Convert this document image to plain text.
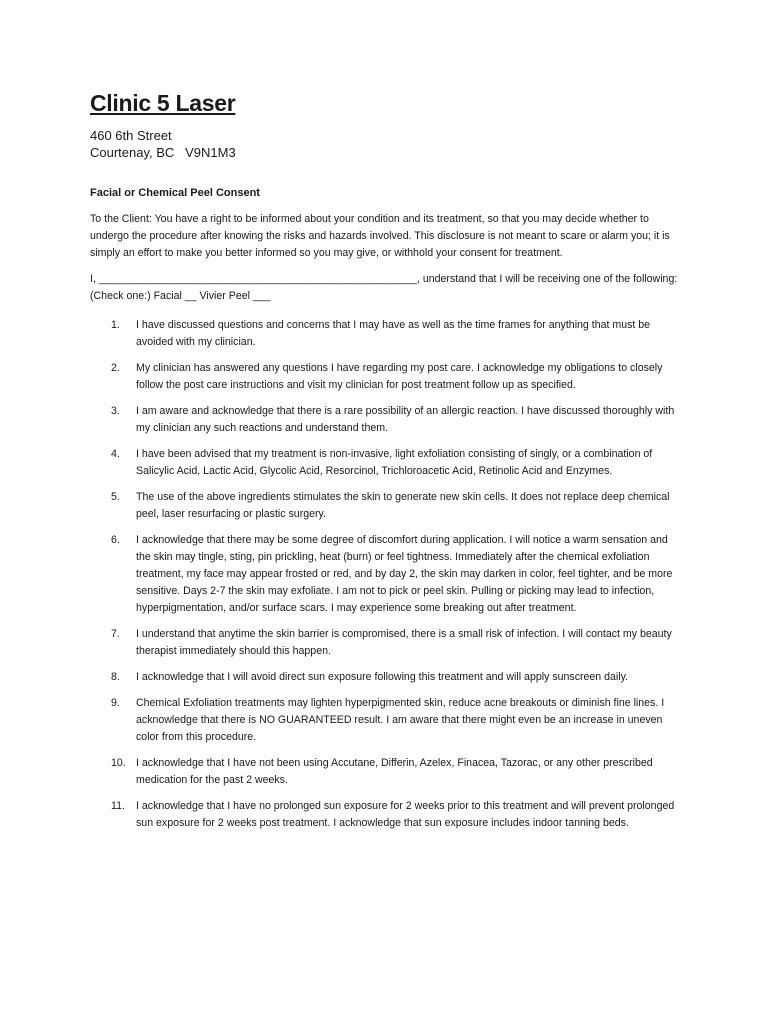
Clinic 5 Laser
460 6th Street
Courtenay, BC   V9N1M3
Facial or Chemical Peel Consent

To the Client: You have a right to be informed about your condition and its treatment, so that you may decide whether to undergo the procedure after knowing the risks and hazards involved. This disclosure is not meant to scare or alarm you; it is simply an effort to make you better informed so you may give, or withhold your consent for treatment.

I, ______________________________________________________, understand that I will be receiving one of the following: (Check one:) Facial __ Vivier Peel ___

1.	I have discussed questions and concerns that I may have as well as the time frames for anything that must be avoided with my clinician.
2.	My clinician has answered any questions I have regarding my post care. I acknowledge my obligations to closely follow the post care instructions and visit my clinician for post treatment follow up as specified.
3.	I am aware and acknowledge that there is a rare possibility of an allergic reaction. I have discussed thoroughly with my clinician any such reactions and understand them.
4.	I have been advised that my treatment is non-invasive, light exfoliation consisting of singly, or a combination of Salicylic Acid, Lactic Acid, Glycolic Acid, Resorcinol, Trichloroacetic Acid, Retinolic Acid and Enzymes.
5.	The use of the above ingredients stimulates the skin to generate new skin cells. It does not replace deep chemical peel, laser resurfacing or plastic surgery.
6.	I acknowledge that there may be some degree of discomfort during application. I will notice a warm sensation and the skin may tingle, sting, pin prickling, heat (burn) or feel tightness. Immediately after the chemical exfoliation treatment, my face may appear frosted or red, and by day 2, the skin may darken in color, feel tighter, and be more sensitive. Days 2-7 the skin may exfoliate. I am not to pick or peel skin. Pulling or picking may lead to infection, hyperpigmentation, and/or surface scars. I may experience some breaking out after treatment.
7.	I understand that anytime the skin barrier is compromised, there is a small risk of infection. I will contact my beauty therapist immediately should this happen.
8.	I acknowledge that I will avoid direct sun exposure following this treatment and will apply sunscreen daily.
9.	Chemical Exfoliation treatments may lighten hyperpigmented skin, reduce acne breakouts or diminish fine lines. I acknowledge that there is NO GUARANTEED result. I am aware that there might even be an increase in uneven color from this procedure.
10. I acknowledge that I have not been using Accutane, Differin, Azelex, Finacea, Tazorac, or any other prescribed medication for the past 2 weeks.
11.	I acknowledge that I have no prolonged sun exposure for 2 weeks prior to this treatment and will prevent prolonged sun exposure for 2 weeks post treatment. I acknowledge that sun exposure includes indoor tanning beds.
